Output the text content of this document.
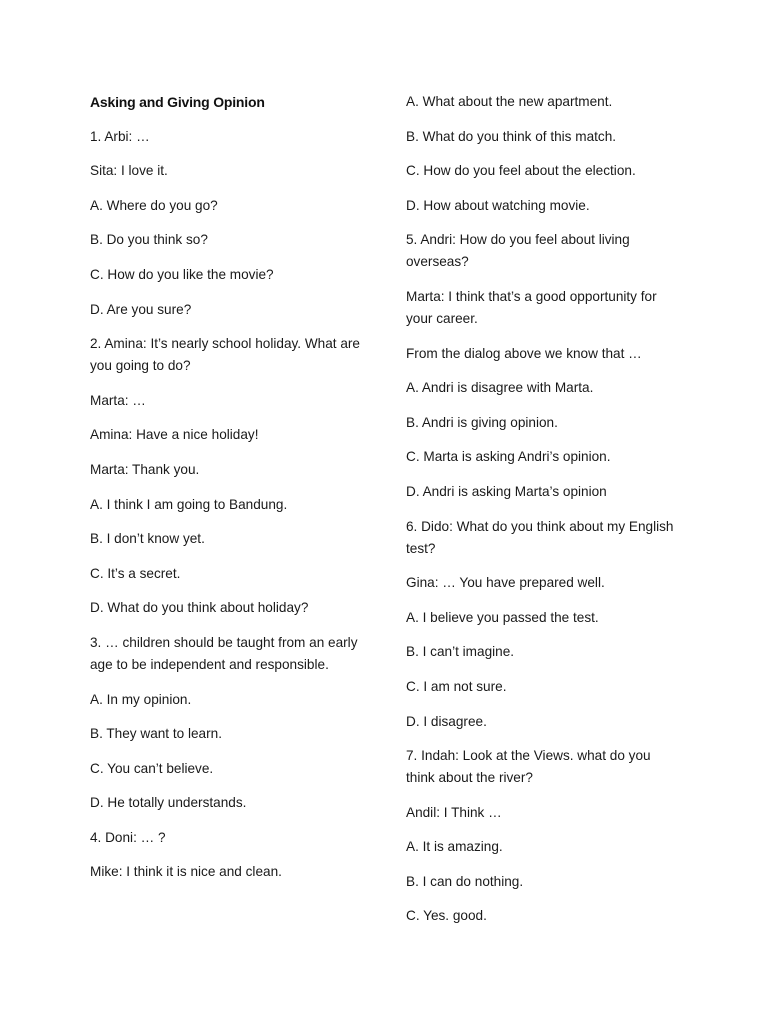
Asking and Giving Opinion
1. Arbi: …
Sita: I love it.
A. Where do you go?
B. Do you think so?
C. How do you like the movie?
D. Are you sure?
2. Amina: It’s nearly school holiday. What are you going to do?
Marta: …
Amina: Have a nice holiday!
Marta: Thank you.
A. I think I am going to Bandung.
B. I don’t know yet.
C. It’s a secret.
D. What do you think about holiday?
3. … children should be taught from an early age to be independent and responsible.
A. In my opinion.
B. They want to learn.
C. You can’t believe.
D. He totally understands.
4. Doni: … ?
Mike: I think it is nice and clean.
A. What about the new apartment.
B. What do you think of this match.
C. How do you feel about the election.
D. How about watching movie.
5. Andri: How do you feel about living overseas?
Marta: I think that’s a good opportunity for your career.
From the dialog above we know that …
A. Andri is disagree with Marta.
B. Andri is giving opinion.
C. Marta is asking Andri’s opinion.
D. Andri is asking Marta’s opinion
6. Dido: What do you think about my English test?
Gina: … You have prepared well.
A. I believe you passed the test.
B. I can’t imagine.
C. I am not sure.
D. I disagree.
7. Indah: Look at the Views. what do you think about the river?
Andil: I Think …
A. It is amazing.
B. I can do nothing.
C. Yes. good.
